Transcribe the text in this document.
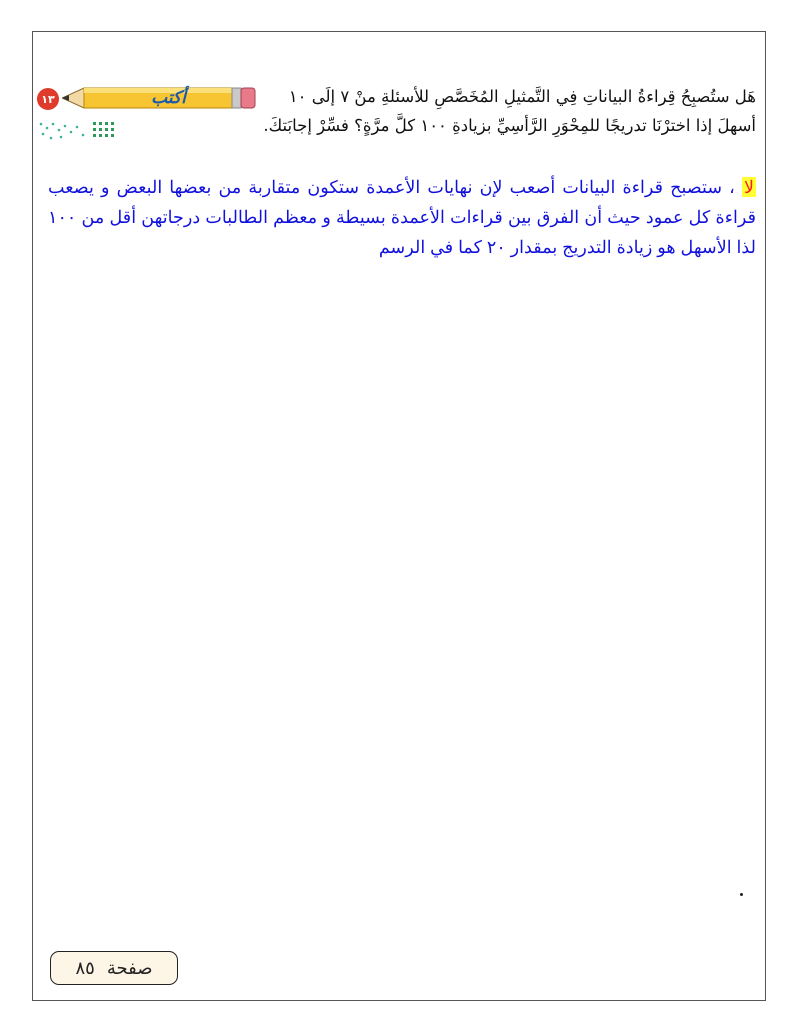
١٣	أكتب	هَل ستُصبِحُ قِراءةُ البياناتِ فِي التَّمثيلِ المُخَصَّصِ للأسئلةِ منْ ٧ إلَى ١٠
أسهلَ إذا اخترْنَا تدريجًا للمِحْوَرِ الرَّأسِيِّ بزيادةِ ١٠٠ كلَّ مرَّةٍ؟ فسِّرْ إجابَتكَ.
لا ، ستصبح قراءة البيانات أصعب لإن نهايات الأعمدة ستكون متقاربة من بعضها البعض و يصعب قراءة كل عمود حيث أن الفرق بين قراءات الأعمدة بسيطة و معظم الطالبات درجاتهن أقل من ١٠٠ لذا الأسهل هو زيادة التدريج بمقدار ٢٠ كما في الرسم
صفحة
٨٥
